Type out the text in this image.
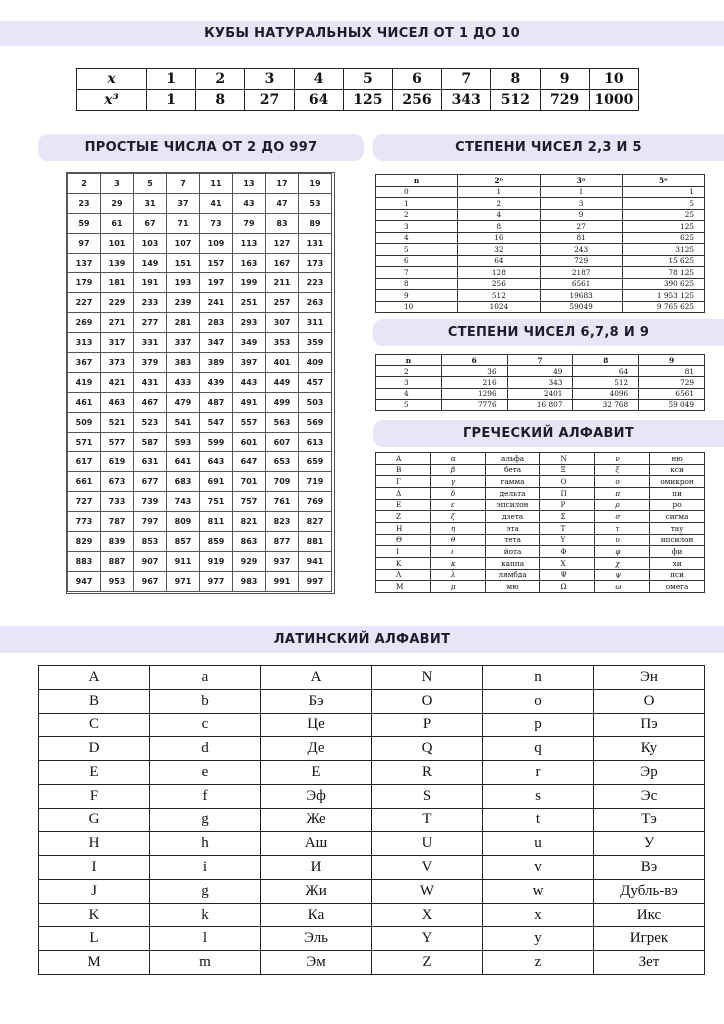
КУБЫ НАТУРАЛЬНЫХ ЧИСЕЛ ОТ 1 ДО 10
ПРОСТЫЕ ЧИСЛА ОТ 2 ДО 997	СТЕПЕНИ ЧИСЕЛ 2,3 И 5
СТЕПЕНИ ЧИСЕЛ 6,7,8 И 9
ГРЕЧЕСКИЙ АЛФАВИТ
ЛАТИНСКИЙ АЛФАВИТ
x	1	2	3	4	5	6	7	8	9	10
x³	1	8	27	64	125	256	343	512	729	1000
2	3	5	7	11	13	17	19
23	29	31	37	41	43	47	53
59	61	67	71	73	79	83	89
97	101	103	107	109	113	127	131
137	139	149	151	157	163	167	173
179	181	191	193	197	199	211	223
227	229	233	239	241	251	257	263
269	271	277	281	283	293	307	311
313	317	331	337	347	349	353	359
367	373	379	383	389	397	401	409
419	421	431	433	439	443	449	457
461	463	467	479	487	491	499	503
509	521	523	541	547	557	563	569
571	577	587	593	599	601	607	613
617	619	631	641	643	647	653	659
661	673	677	683	691	701	709	719
727	733	739	743	751	757	761	769
773	787	797	809	811	821	823	827
829	839	853	857	859	863	877	881
883	887	907	911	919	929	937	941
947	953	967	971	977	983	991	997
n	2ⁿ	3ⁿ	5ⁿ
0	1	1	1
1	2	3	5
2	4	9	25
3	8	27	125
4	16	81	625
5	32	243	3125
6	64	729	15 625
7	128	2187	78 125
8	256	6561	390 625
9	512	19683	1 953 125
10	1024	59049	9 765 625
n	6	7	8	9
2	36	49	64	81
3	216	343	512	729
4	1296	2401	4096	6561
5	7776	16 807	32 768	59 049
Α	α	альфа	Ν	ν	ню
Β	β	бета	Ξ	ξ	кси
Γ	γ	гамма	Ο	ο	омикрон
Δ	δ	дельта	Π	π	пи
Ε	ε	эпсилон	Ρ	ρ	ро
Ζ	ζ	дзета	Σ	σ	сигма
Η	η	эта	Τ	τ	тау
Θ	θ	тета	Υ	υ	ипсилон
Ι	ι	йота	Φ	φ	фи
Κ	κ	каппа	Χ	χ	хи
Λ	λ	лямбда	Ψ	ψ	пси
Μ	μ	мю	Ω	ω	омега
A	a	А	N	n	Эн
B	b	Бэ	O	o	О
C	c	Це	P	p	Пэ
D	d	Де	Q	q	Ку
E	e	Е	R	r	Эр
F	f	Эф	S	s	Эс
G	g	Же	T	t	Тэ
H	h	Аш	U	u	У
I	i	И	V	v	Вэ
J	g	Жи	W	w	Дубль-вэ
K	k	Ка	X	x	Икс
L	l	Эль	Y	y	Игрек
M	m	Эм	Z	z	Зет
